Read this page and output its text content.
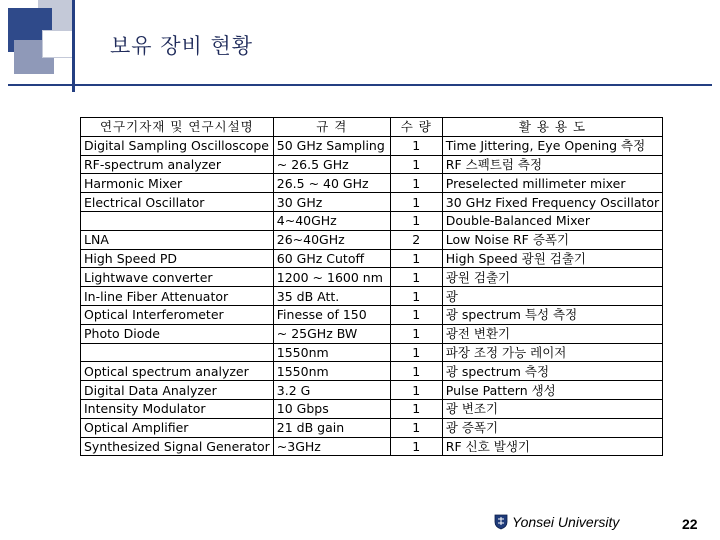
보유 장비 현황
연구기자재 및 연구시설명	규 격	수 량	활 용 용 도
Digital Sampling Oscilloscope	50 GHz Sampling	1	Time Jittering, Eye Opening 측정
RF-spectrum analyzer	~ 26.5 GHz	1	RF 스펙트럼 측정
Harmonic Mixer	26.5 ~ 40 GHz	1	Preselected millimeter mixer
Electrical Oscillator	30 GHz	1	30 GHz Fixed Frequency Oscillator
	4~40GHz	1	Double-Balanced Mixer
LNA	26~40GHz	2	Low Noise RF 증폭기
High Speed PD	60 GHz Cutoff	1	High Speed 광원 검출기
Lightwave converter	1200 ~ 1600 nm	1	광원 검출기
In-line Fiber Attenuator	35 dB Att.	1	광
Optical Interferometer	Finesse of 150	1	광 spectrum 특성 측정
Photo Diode	~ 25GHz BW	1	광전 변환기
	1550nm	1	파장 조정 가능 레이저
Optical spectrum analyzer	1550nm	1	광 spectrum 측정
Digital Data Analyzer	3.2 G	1	Pulse Pattern 생성
Intensity Modulator	10 Gbps	1	광 변조기
Optical Amplifier	21 dB gain	1	광 증폭기
Synthesized Signal Generator	~3GHz	1	RF 신호 발생기
Yonsei University	22
